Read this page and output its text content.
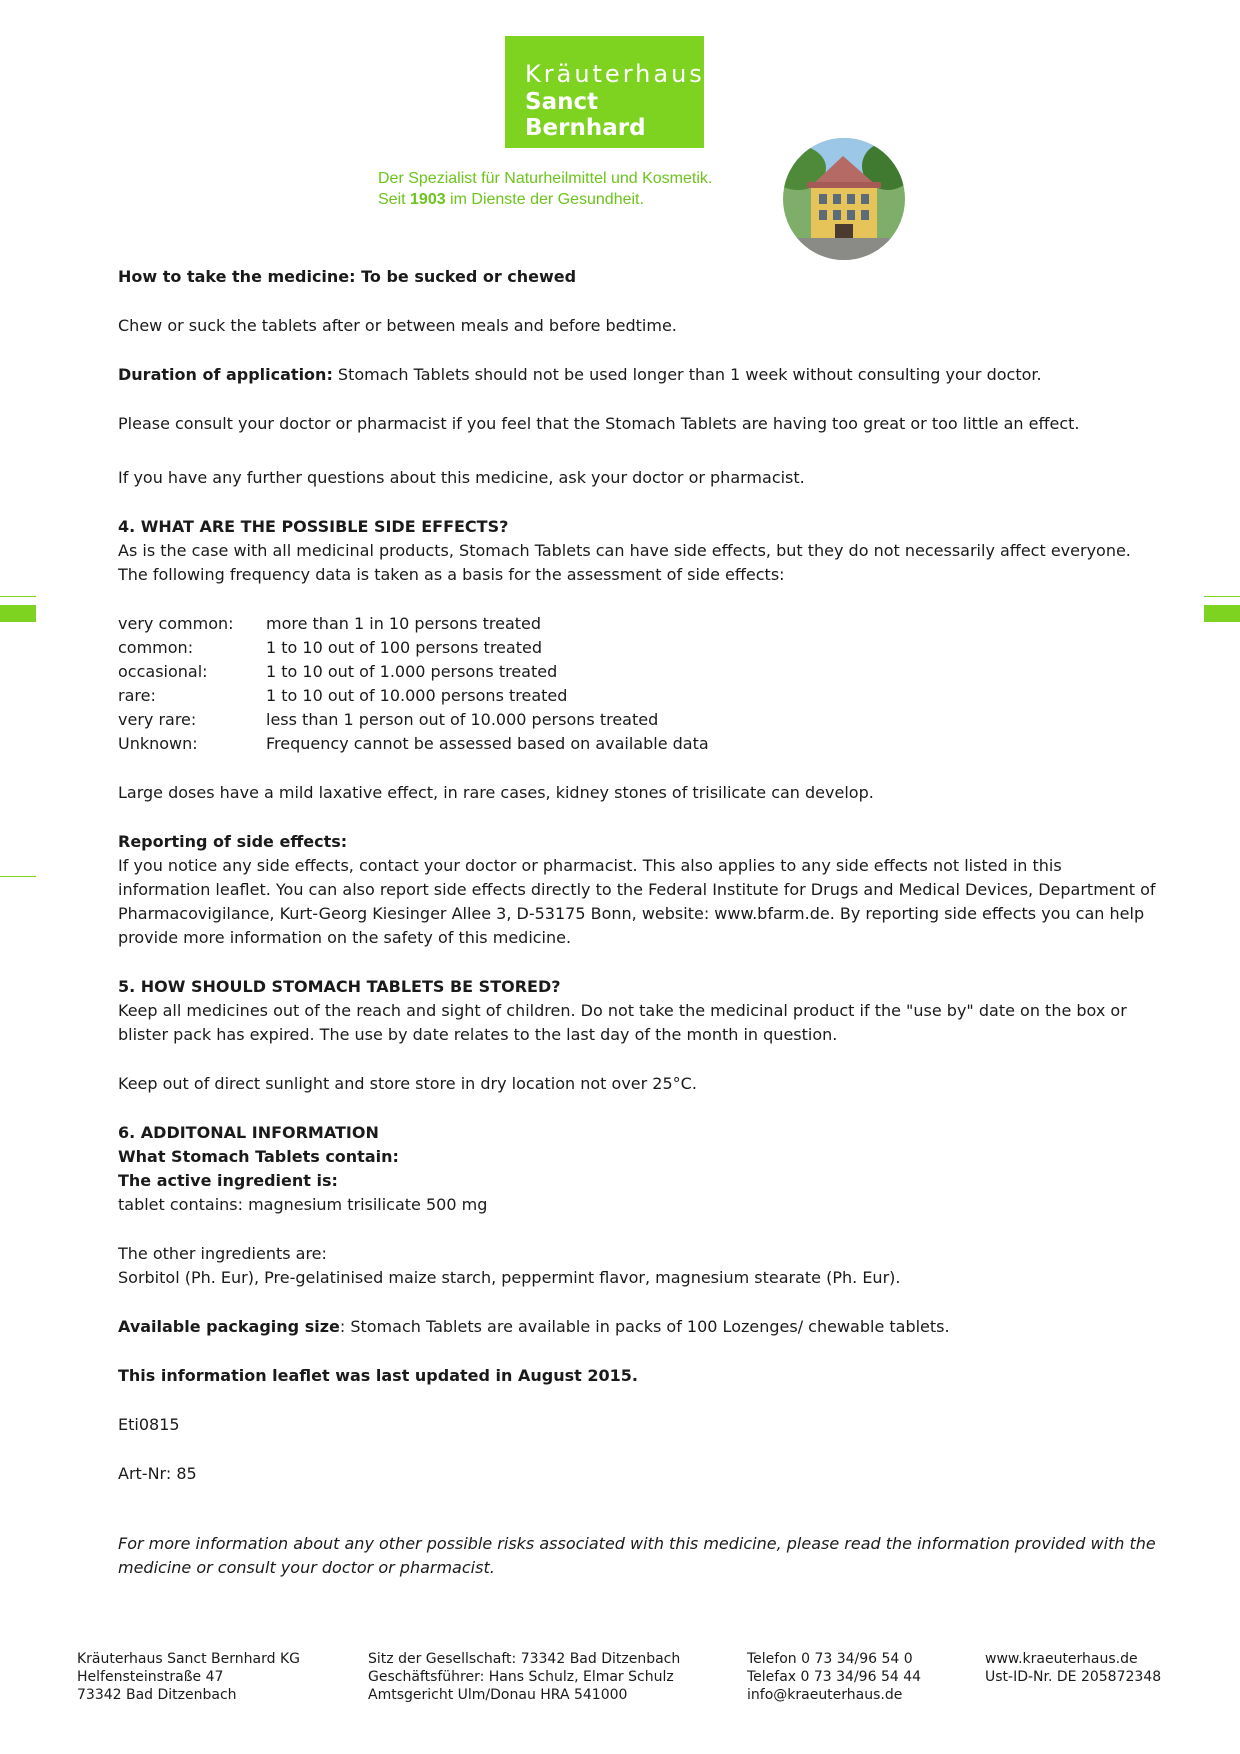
Kräuterhaus
Sanct Bernhard
Der Spezialist für Naturheilmittel und Kosmetik.
Seit 1903 im Dienste der Gesundheit.

How to take the medicine: To be sucked or chewed

Chew or suck the tablets after or between meals and before bedtime.

Duration of application: Stomach Tablets should not be used longer than 1 week without consulting your doctor.

Please consult your doctor or pharmacist if you feel that the Stomach Tablets are having too great or too little an effect.

If you have any further questions about this medicine, ask your doctor or pharmacist.

4. WHAT ARE THE POSSIBLE SIDE EFFECTS?

As is the case with all medicinal products, Stomach Tablets can have side effects, but they do not necessarily affect everyone. The following frequency data is taken as a basis for the assessment of side effects:

very common:	more than 1 in 10 persons treated
common:	1 to 10 out of 100 persons treated
occasional:	1 to 10 out of 1.000 persons treated
rare:	1 to 10 out of 10.000 persons treated
very rare:	less than 1 person out of 10.000 persons treated
Unknown:	Frequency cannot be assessed based on available data

Large doses have a mild laxative effect, in rare cases, kidney stones of trisilicate can develop.

Reporting of side effects:

If you notice any side effects, contact your doctor or pharmacist. This also applies to any side effects not listed in this information leaflet. You can also report side effects directly to the Federal Institute for Drugs and Medical Devices, Department of Pharmacovigilance, Kurt-Georg Kiesinger Allee 3, D-53175 Bonn, website: www.bfarm.de. By reporting side effects you can help provide more information on the safety of this medicine.

5. HOW SHOULD STOMACH TABLETS BE STORED?

Keep all medicines out of the reach and sight of children. Do not take the medicinal product if the "use by" date on the box or blister pack has expired. The use by date relates to the last day of the month in question.

Keep out of direct sunlight and store store in dry location not over 25°C.

6. ADDITONAL INFORMATION

What Stomach Tablets contain:

The active ingredient is:

tablet contains: magnesium trisilicate 500 mg

The other ingredients are:

Sorbitol (Ph. Eur), Pre-gelatinised maize starch, peppermint flavor, magnesium stearate (Ph. Eur).

Available packaging size: Stomach Tablets are available in packs of 100 Lozenges/ chewable tablets.

This information leaflet was last updated in August 2015.

Eti0815

Art-Nr: 85

For more information about any other possible risks associated with this medicine, please read the information provided with the medicine or consult your doctor or pharmacist.

Kräuterhaus Sanct Bernhard KG
Helfensteinstraße 47
73342 Bad Ditzenbach
Sitz der Gesellschaft: 73342 Bad Ditzenbach
Geschäftsführer: Hans Schulz, Elmar Schulz
Amtsgericht Ulm/Donau HRA 541000
Telefon 0 73 34/96 54 0
Telefax 0 73 34/96 54 44
info@kraeuterhaus.de
www.kraeuterhaus.de
Ust-ID-Nr. DE 205872348
